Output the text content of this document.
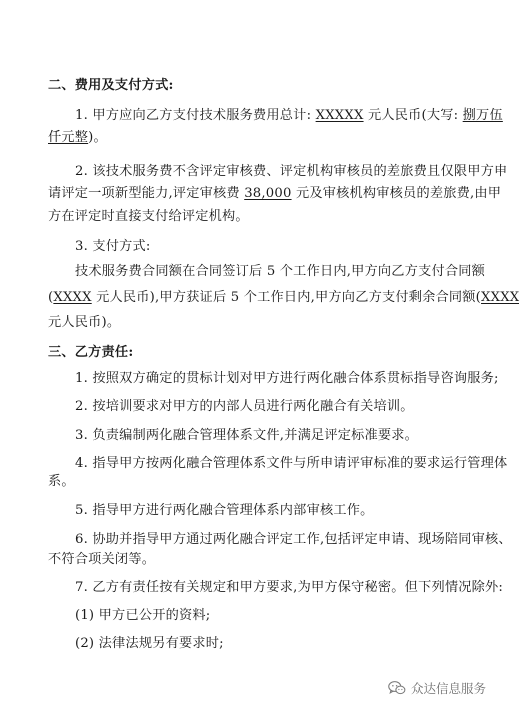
二、费用及支付方式:
1. 甲方应向乙方支付技术服务费用总计: XXXXX 元人民币(大写: 捌万伍
仟元整)。
2. 该技术服务费不含评定审核费、评定机构审核员的差旅费且仅限甲方申
请评定一项新型能力,评定审核费 38,000 元及审核机构审核员的差旅费,由甲
方在评定时直接支付给评定机构。
3. 支付方式:
技术服务费合同额在合同签订后 5 个工作日内,甲方向乙方支付合同额
(XXXX 元人民币),甲方获证后 5 个工作日内,甲方向乙方支付剩余合同额(XXXX
元人民币)。
三、乙方责任:
1. 按照双方确定的贯标计划对甲方进行两化融合体系贯标指导咨询服务;
2. 按培训要求对甲方的内部人员进行两化融合有关培训。
3. 负责编制两化融合管理体系文件,并满足评定标准要求。
4. 指导甲方按两化融合管理体系文件与所申请评审标准的要求运行管理体
系。
5. 指导甲方进行两化融合管理体系内部审核工作。
6. 协助并指导甲方通过两化融合评定工作,包括评定申请、现场陪同审核、
不符合项关闭等。
7. 乙方有责任按有关规定和甲方要求,为甲方保守秘密。但下列情况除外:
(1) 甲方已公开的资料;
(2) 法律法规另有要求时;
众达信息服务
